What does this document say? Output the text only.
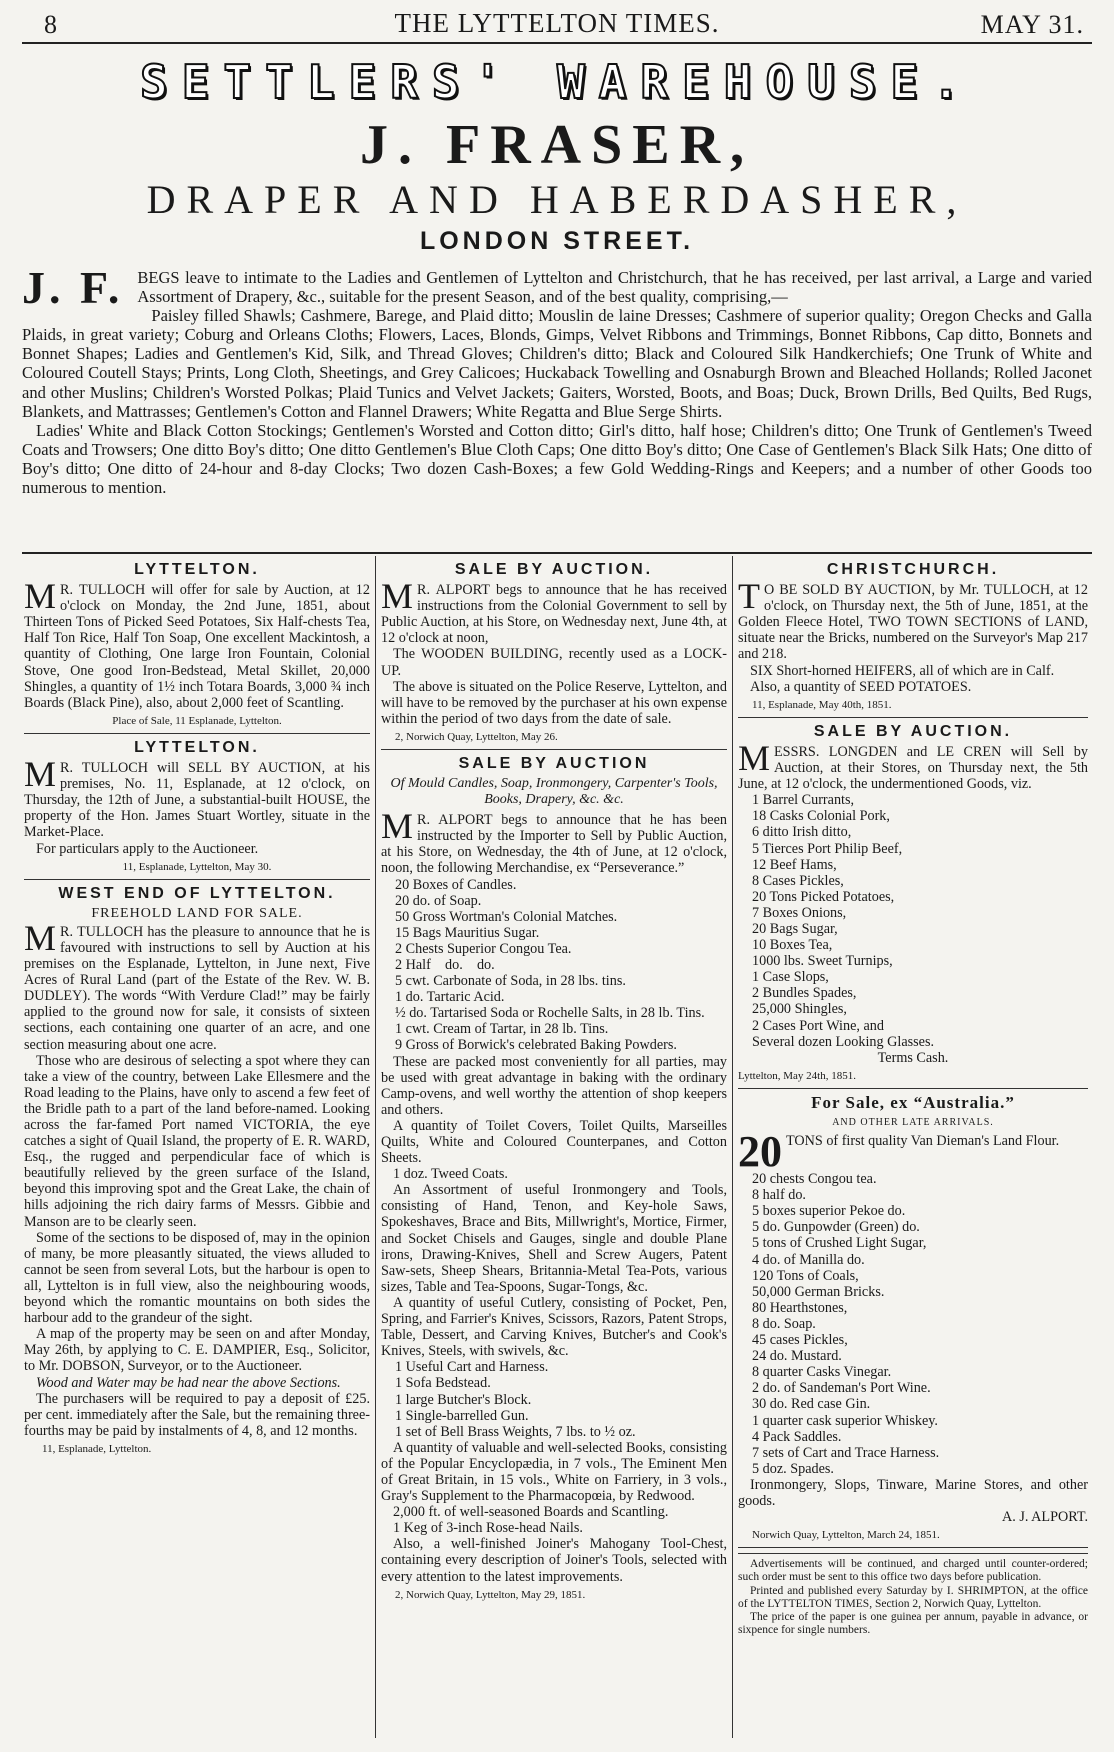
8	THE LYTTELTON TIMES.	MAY 31.
SETTLERS' WAREHOUSE.
J. FRASER,
DRAPER AND HABERDASHER,
LONDON STREET.

J. F. BEGS leave to intimate to the Ladies and Gentlemen of Lyttelton and Christchurch, that he has received, per last arrival, a Large and varied Assortment of Drapery, &c., suitable for the present Season, and of the best quality, comprising,—

Paisley filled Shawls; Cashmere, Barege, and Plaid ditto; Mouslin de laine Dresses; Cashmere of superior quality; Oregon Checks and Galla Plaids, in great variety; Coburg and Orleans Cloths; Flowers, Laces, Blonds, Gimps, Velvet Ribbons and Trimmings, Bonnet Ribbons, Cap ditto, Bonnets and Bonnet Shapes; Ladies and Gentlemen's Kid, Silk, and Thread Gloves; Children's ditto; Black and Coloured Silk Handkerchiefs; One Trunk of White and Coloured Coutell Stays; Prints, Long Cloth, Sheetings, and Grey Calicoes; Huckaback Towelling and Osnaburgh Brown and Bleached Hollands; Rolled Jaconet and other Muslins; Children's Worsted Polkas; Plaid Tunics and Velvet Jackets; Gaiters, Worsted, Boots, and Boas; Duck, Brown Drills, Bed Quilts, Bed Rugs, Blankets, and Mattrasses; Gentlemen's Cotton and Flannel Drawers; White Regatta and Blue Serge Shirts.

Ladies' White and Black Cotton Stockings; Gentlemen's Worsted and Cotton ditto; Girl's ditto, half hose; Children's ditto; One Trunk of Gentlemen's Tweed Coats and Trowsers; One ditto Boy's ditto; One ditto Gentlemen's Blue Cloth Caps; One ditto Boy's ditto; One Case of Gentlemen's Black Silk Hats; One ditto of Boy's ditto; One ditto of 24-hour and 8-day Clocks; Two dozen Cash-Boxes; a few Gold Wedding-Rings and Keepers; and a number of other Goods too numerous to mention.

LYTTELTON.

M R. TULLOCH will offer for sale by Auction, at 12 o'clock on Monday, the 2nd June, 1851, about Thirteen Tons of Picked Seed Potatoes, Six Half-chests Tea, Half Ton Rice, Half Ton Soap, One excellent Mackintosh, a quantity of Clothing, One large Iron Fountain, Colonial Stove, One good Iron-Bedstead, Metal Skillet, 20,000 Shingles, a quantity of 1½ inch Totara Boards, 3,000 ¾ inch Boards (Black Pine), also, about 2,000 feet of Scantling.

Place of Sale, 11 Esplanade, Lyttelton.
LYTTELTON.

M R. TULLOCH will SELL BY AUCTION, at his premises, No. 11, Esplanade, at 12 o'clock, on Thursday, the 12th of June, a substantial-built HOUSE, the property of the Hon. James Stuart Wortley, situate in the Market-Place.

For particulars apply to the Auctioneer.

11, Esplanade, Lyttelton, May 30.
WEST END OF LYTTELTON.
FREEHOLD LAND FOR SALE.

M R. TULLOCH has the pleasure to announce that he is favoured with instructions to sell by Auction at his premises on the Esplanade, Lyttelton, in June next, Five Acres of Rural Land (part of the Estate of the Rev. W. B. DUDLEY). The words “With Verdure Clad!” may be fairly applied to the ground now for sale, it consists of sixteen sections, each containing one quarter of an acre, and one section measuring about one acre.

Those who are desirous of selecting a spot where they can take a view of the country, between Lake Ellesmere and the Road leading to the Plains, have only to ascend a few feet of the Bridle path to a part of the land before-named. Looking across the far-famed Port named VICTORIA, the eye catches a sight of Quail Island, the property of E. R. WARD, Esq., the rugged and perpendicular face of which is beautifully relieved by the green surface of the Island, beyond this improving spot and the Great Lake, the chain of hills adjoining the rich dairy farms of Messrs. Gibbie and Manson are to be clearly seen.

Some of the sections to be disposed of, may in the opinion of many, be more pleasantly situated, the views alluded to cannot be seen from several Lots, but the harbour is open to all, Lyttelton is in full view, also the neighbouring woods, beyond which the romantic mountains on both sides the harbour add to the grandeur of the sight.

A map of the property may be seen on and after Monday, May 26th, by applying to C. E. DAMPIER, Esq., Solicitor, to Mr. DOBSON, Surveyor, or to the Auctioneer.

Wood and Water may be had near the above Sections.

The purchasers will be required to pay a deposit of £25. per cent. immediately after the Sale, but the remaining three-fourths may be paid by instalments of 4, 8, and 12 months.

11, Esplanade, Lyttelton.
SALE BY AUCTION.

M R. ALPORT begs to announce that he has received instructions from the Colonial Government to sell by Public Auction, at his Store, on Wednesday next, June 4th, at 12 o'clock at noon,

The WOODEN BUILDING, recently used as a LOCK-UP.

The above is situated on the Police Reserve, Lyttelton, and will have to be removed by the purchaser at his own expense within the period of two days from the date of sale.

2, Norwich Quay, Lyttelton, May 26.
SALE BY AUCTION
Of Mould Candles, Soap, Ironmongery, Carpenter's Tools, Books, Drapery, &c. &c.

M R. ALPORT begs to announce that he has been instructed by the Importer to Sell by Public Auction, at his Store, on Wednesday, the 4th of June, at 12 o'clock, noon, the following Merchandise, ex “Perseverance.”

20 Boxes of Candles.
20 do. of Soap.
50 Gross Wortman's Colonial Matches.
15 Bags Mauritius Sugar.
2 Chests Superior Congou Tea.
2 Half    do.    do.
5 cwt. Carbonate of Soda, in 28 lbs. tins.
1 do. Tartaric Acid.
½ do. Tartarised Soda or Rochelle Salts, in 28 lb. Tins.
1 cwt. Cream of Tartar, in 28 lb. Tins.
9 Gross of Borwick's celebrated Baking Powders.

These are packed most conveniently for all parties, may be used with great advantage in baking with the ordinary Camp-ovens, and well worthy the attention of shop keepers and others.

A quantity of Toilet Covers, Toilet Quilts, Marseilles Quilts, White and Coloured Counterpanes, and Cotton Sheets.

1 doz. Tweed Coats.

An Assortment of useful Ironmongery and Tools, consisting of Hand, Tenon, and Key-hole Saws, Spokeshaves, Brace and Bits, Millwright's, Mortice, Firmer, and Socket Chisels and Gauges, single and double Plane irons, Drawing-Knives, Shell and Screw Augers, Patent Saw-sets, Sheep Shears, Britannia-Metal Tea-Pots, various sizes, Table and Tea-Spoons, Sugar-Tongs, &c.

A quantity of useful Cutlery, consisting of Pocket, Pen, Spring, and Farrier's Knives, Scissors, Razors, Patent Strops, Table, Dessert, and Carving Knives, Butcher's and Cook's Knives, Steels, with swivels, &c.

1 Useful Cart and Harness.
1 Sofa Bedstead.
1 large Butcher's Block.
1 Single-barrelled Gun.
1 set of Bell Brass Weights, 7 lbs. to ½ oz.

A quantity of valuable and well-selected Books, consisting of the Popular Encyclopædia, in 7 vols., The Eminent Men of Great Britain, in 15 vols., White on Farriery, in 3 vols., Gray's Supplement to the Pharmacopœia, by Redwood.

2,000 ft. of well-seasoned Boards and Scantling.

1 Keg of 3-inch Rose-head Nails.

Also, a well-finished Joiner's Mahogany Tool-Chest, containing every description of Joiner's Tools, selected with every attention to the latest improvements.

2, Norwich Quay, Lyttelton, May 29, 1851.
CHRISTCHURCH.

T O BE SOLD BY AUCTION, by Mr. TULLOCH, at 12 o'clock, on Thursday next, the 5th of June, 1851, at the Golden Fleece Hotel, TWO TOWN SECTIONS of LAND, situate near the Bricks, numbered on the Surveyor's Map 217 and 218.

SIX Short-horned HEIFERS, all of which are in Calf.

Also, a quantity of SEED POTATOES.

11, Esplanade, May 40th, 1851.
SALE BY AUCTION.

MESSRS. LONGDEN and LE CREN will Sell by Auction, at their Stores, on Thursday next, the 5th June, at 12 o'clock, the undermentioned Goods, viz.

1 Barrel Currants,
18 Casks Colonial Pork,
6 ditto Irish ditto,
5 Tierces Port Philip Beef,
12 Beef Hams,
8 Cases Pickles,
20 Tons Picked Potatoes,
7 Boxes Onions,
20 Bags Sugar,
10 Boxes Tea,
1000 lbs. Sweet Turnips,
1 Case Slops,
2 Bundles Spades,
25,000 Shingles,
2 Cases Port Wine, and
Several dozen Looking Glasses.
Terms Cash.
Lyttelton, May 24th, 1851.
For Sale, ex “Australia.”
AND OTHER LATE ARRIVALS.

20 TONS of first quality Van Dieman's Land Flour.

20 chests Congou tea.
8 half do.
5 boxes superior Pekoe do.
5 do. Gunpowder (Green) do.
5 tons of Crushed Light Sugar,
4 do. of Manilla do.
120 Tons of Coals,
50,000 German Bricks.
80 Hearthstones,
8 do. Soap.
45 cases Pickles,
24 do. Mustard.
8 quarter Casks Vinegar.
2 do. of Sandeman's Port Wine.
30 do. Red case Gin.
1 quarter cask superior Whiskey.
4 Pack Saddles.
7 sets of Cart and Trace Harness.
5 doz. Spades.

Ironmongery, Slops, Tinware, Marine Stores, and other goods.

A. J. ALPORT.
Norwich Quay, Lyttelton, March 24, 1851.

Advertisements will be continued, and charged until counter-ordered; such order must be sent to this office two days before publication.

Printed and published every Saturday by I. SHRIMPTON, at the office of the LYTTELTON TIMES, Section 2, Norwich Quay, Lyttelton.

The price of the paper is one guinea per annum, payable in advance, or sixpence for single numbers.
